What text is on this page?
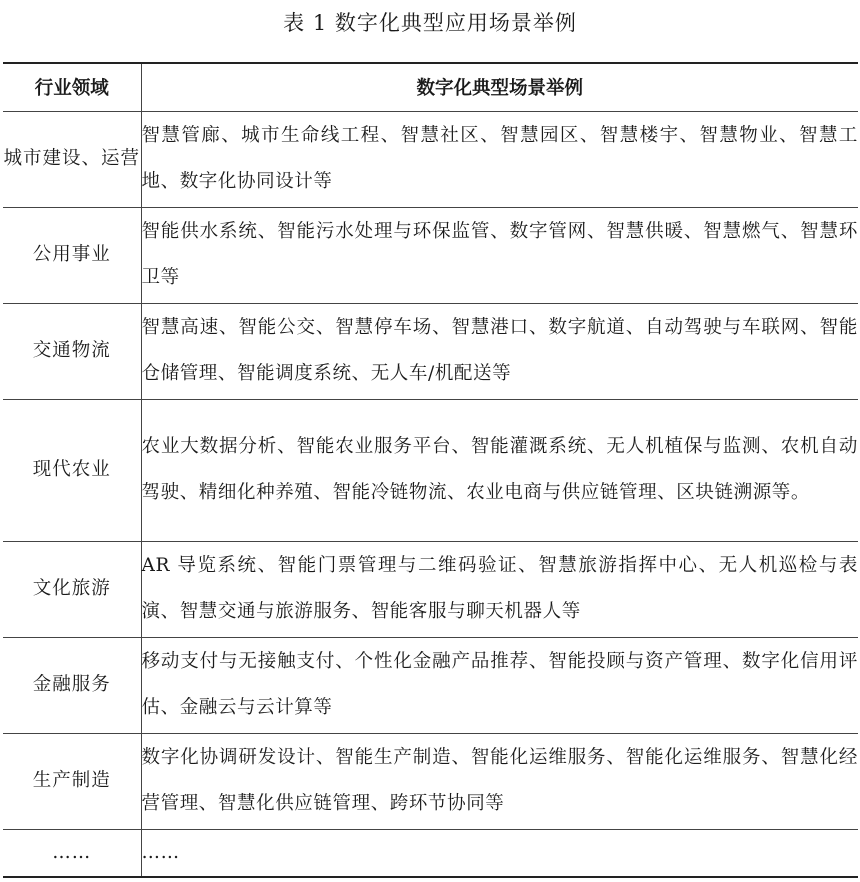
表 1 数字化典型应用场景举例
行业领域	数字化典型场景举例
城市建设、运营	智慧管廊、城市生命线工程、智慧社区、智慧园区、智慧楼宇、智慧物业、智慧工地、数字化协同设计等
公用事业	智能供水系统、智能污水处理与环保监管、数字管网、智慧供暖、智慧燃气、智慧环卫等
交通物流	智慧高速、智能公交、智慧停车场、智慧港口、数字航道、自动驾驶与车联网、智能仓储管理、智能调度系统、无人车/机配送等
现代农业	农业大数据分析、智能农业服务平台、智能灌溉系统、无人机植保与监测、农机自动驾驶、精细化种养殖、智能冷链物流、农业电商与供应链管理、区块链溯源等。
文化旅游	AR 导览系统、智能门票管理与二维码验证、智慧旅游指挥中心、无人机巡检与表演、智慧交通与旅游服务、智能客服与聊天机器人等
金融服务	移动支付与无接触支付、个性化金融产品推荐、智能投顾与资产管理、数字化信用评估、金融云与云计算等
生产制造	数字化协调研发设计、智能生产制造、智能化运维服务、智能化运维服务、智慧化经营管理、智慧化供应链管理、跨环节协同等
……	……
